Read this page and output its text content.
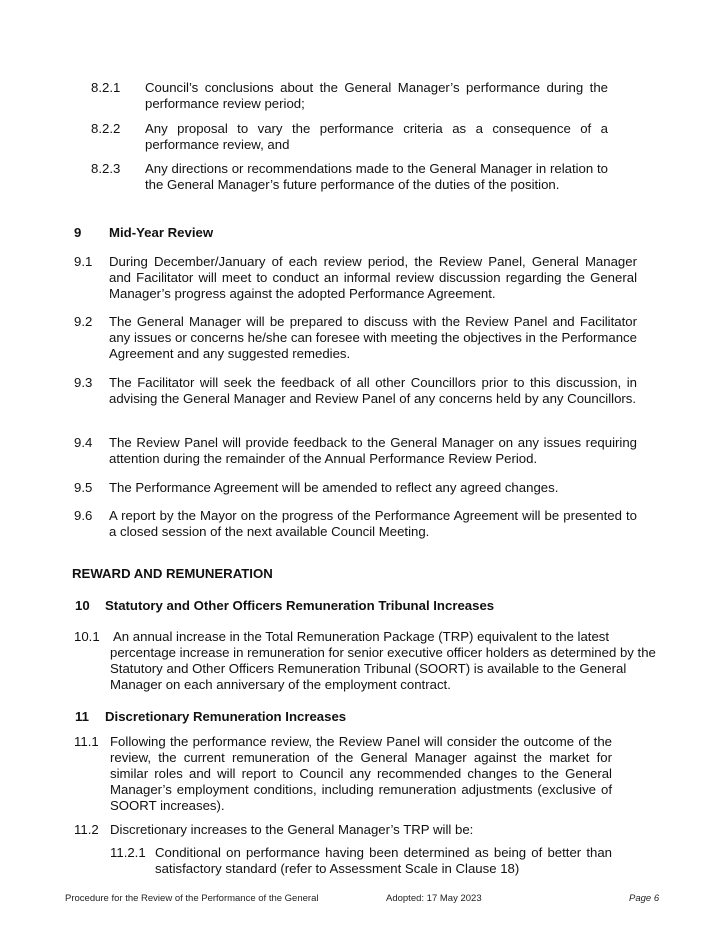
8.2.1 Council’s conclusions about the General Manager’s performance during the performance review period;
8.2.2 Any proposal to vary the performance criteria as a consequence of a performance review, and
8.2.3 Any directions or recommendations made to the General Manager in relation to the General Manager’s future performance of the duties of the position.
9 Mid-Year Review
9.1 During December/January of each review period, the Review Panel, General Manager and Facilitator will meet to conduct an informal review discussion regarding the General Manager’s progress against the adopted Performance Agreement.
9.2 The General Manager will be prepared to discuss with the Review Panel and Facilitator any issues or concerns he/she can foresee with meeting the objectives in the Performance Agreement and any suggested remedies.
9.3 The Facilitator will seek the feedback of all other Councillors prior to this discussion, in advising the General Manager and Review Panel of any concerns held by any Councillors.
9.4 The Review Panel will provide feedback to the General Manager on any issues requiring attention during the remainder of the Annual Performance Review Period.
9.5 The Performance Agreement will be amended to reflect any agreed changes.
9.6 A report by the Mayor on the progress of the Performance Agreement will be presented to a closed session of the next available Council Meeting.
REWARD AND REMUNERATION
10 Statutory and Other Officers Remuneration Tribunal Increases
10.1 An annual increase in the Total Remuneration Package (TRP) equivalent to the latest percentage increase in remuneration for senior executive officer holders as determined by the Statutory and Other Officers Remuneration Tribunal (SOORT) is available to the General Manager on each anniversary of the employment contract.
11 Discretionary Remuneration Increases
11.1 Following the performance review, the Review Panel will consider the outcome of the review, the current remuneration of the General Manager against the market for similar roles and will report to Council any recommended changes to the General Manager’s employment conditions, including remuneration adjustments (exclusive of SOORT increases).
11.2 Discretionary increases to the General Manager’s TRP will be:
11.2.1 Conditional on performance having been determined as being of better than satisfactory standard (refer to Assessment Scale in Clause 18)
Procedure for the Review of the Performance of the General	Adopted: 17 May 2023	Page 6
